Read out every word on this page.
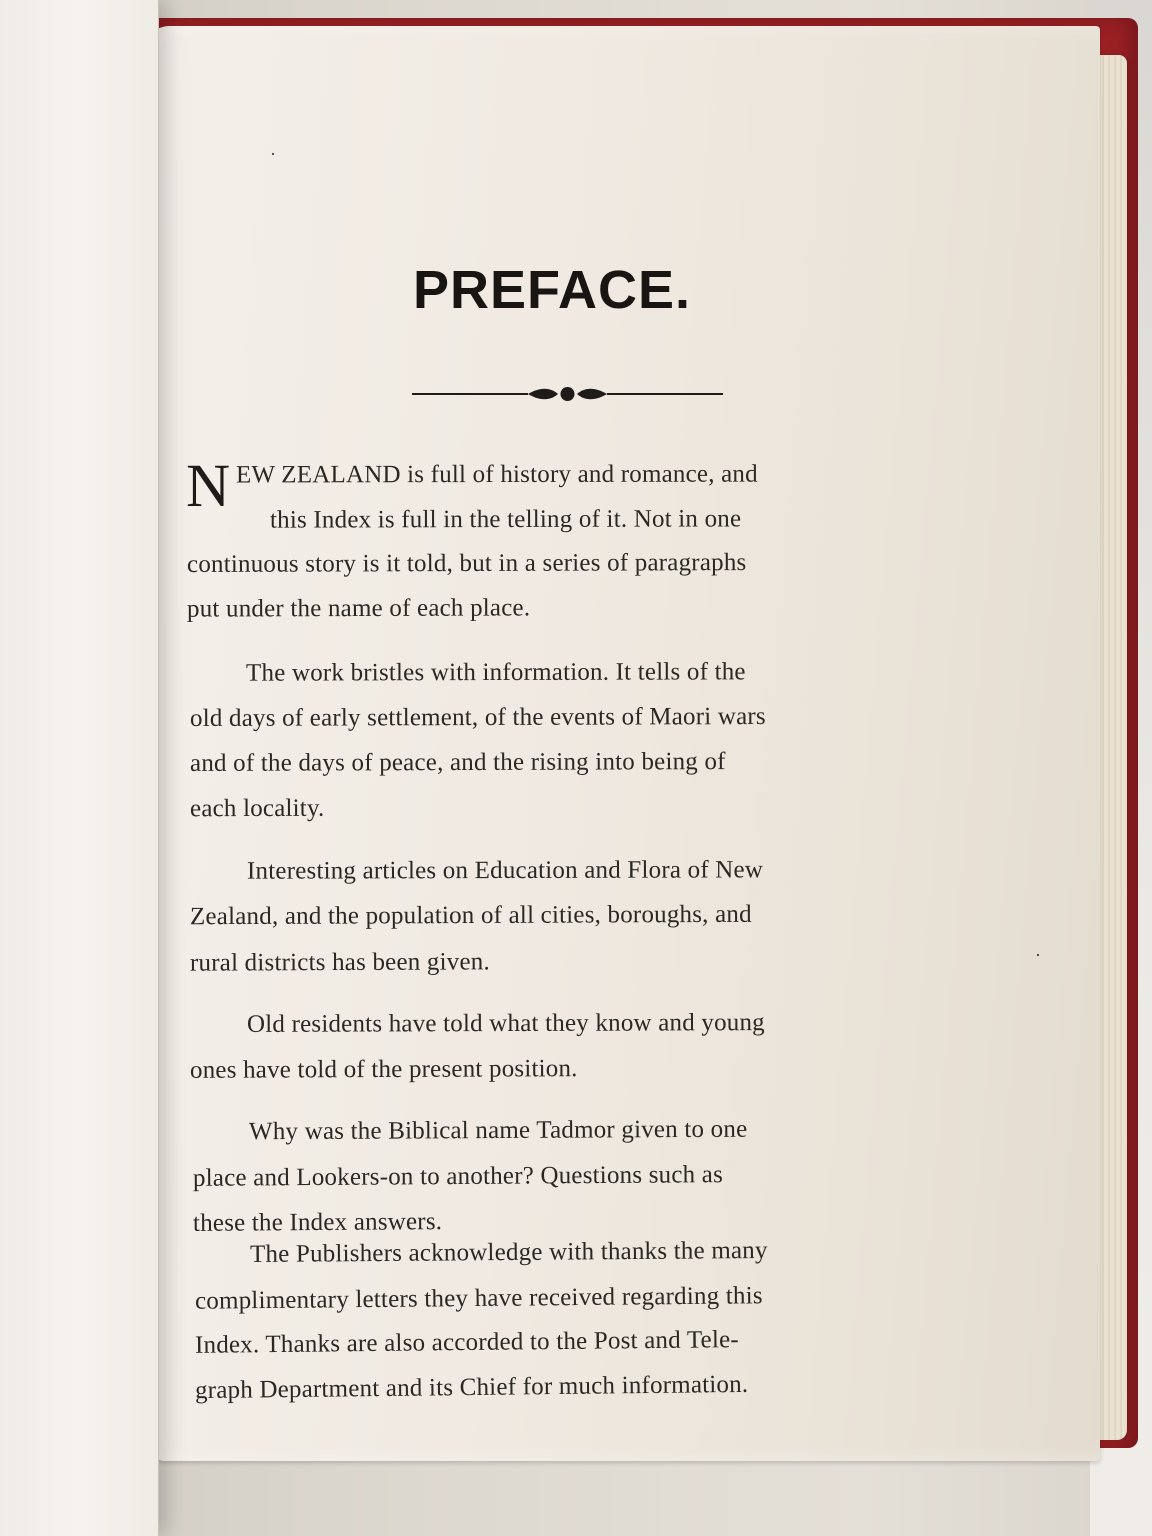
PREFACE.
N EW ZEALAND is full of history and romance, and
this Index is full in the telling of it. Not in one
continuous story is it told, but in a series of paragraphs
put under the name of each place.
The work bristles with information. It tells of the
old days of early settlement, of the events of Maori wars
and of the days of peace, and the rising into being of
each locality.
Interesting articles on Education and Flora of New
Zealand, and the population of all cities, boroughs, and
rural districts has been given.
Old residents have told what they know and young
ones have told of the present position.
Why was the Biblical name Tadmor given to one
place and Lookers-on to another? Questions such as
these the Index answers.
The Publishers acknowledge with thanks the many
complimentary letters they have received regarding this
Index. Thanks are also accorded to the Post and Tele-
graph Department and its Chief for much information.
·
·
